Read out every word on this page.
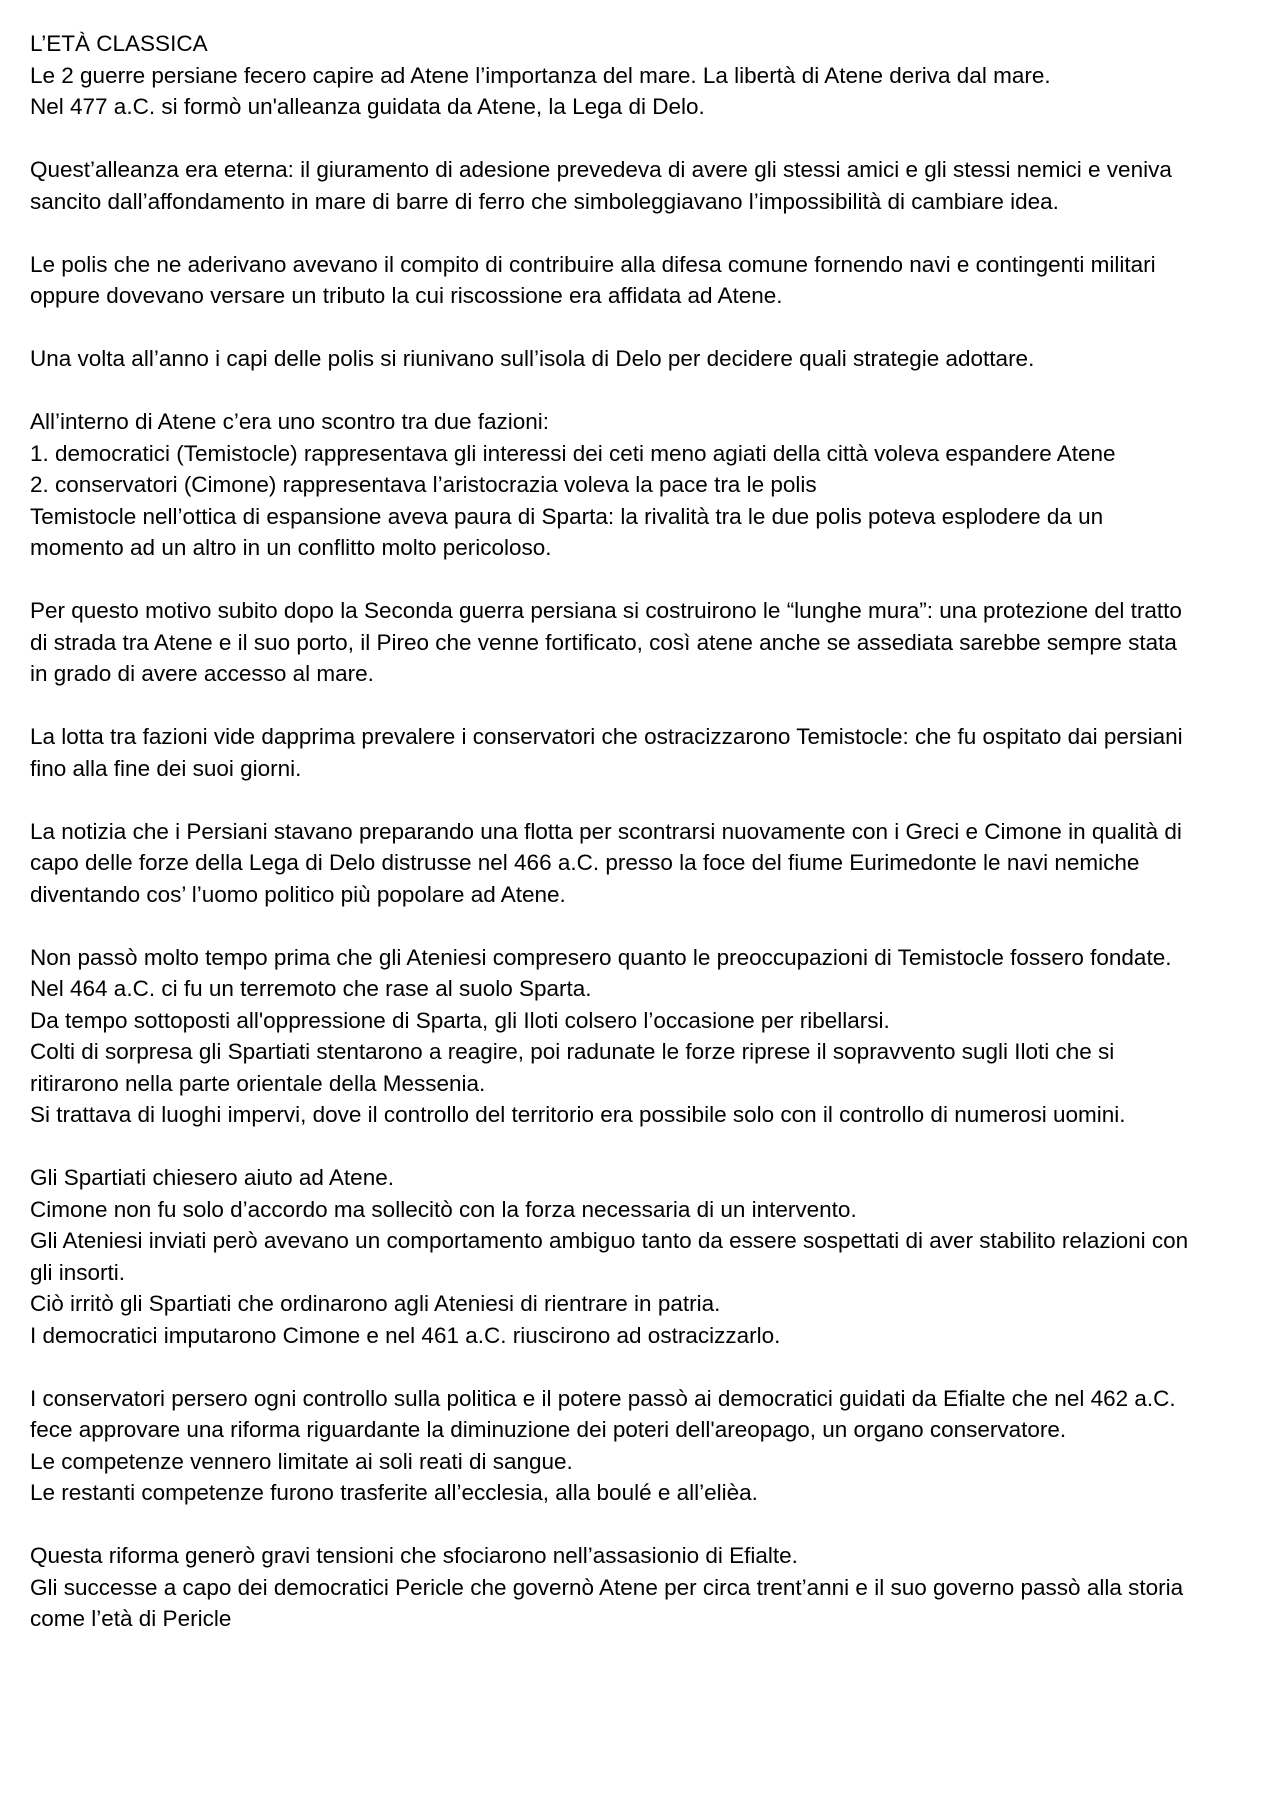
L’ETÀ CLASSICA

Le 2 guerre persiane fecero capire ad Atene l’importanza del mare. La libertà di Atene deriva dal mare.
Nel 477 a.C. si formò un'alleanza guidata da Atene, la Lega di Delo.
Quest’alleanza era eterna: il giuramento di adesione prevedeva di avere gli stessi amici e gli stessi nemici e veniva
sancito dall’affondamento in mare di barre di ferro che simboleggiavano l’impossibilità di cambiare idea.
Le polis che ne aderivano avevano il compito di contribuire alla difesa comune fornendo navi e contingenti militari
oppure dovevano versare un tributo la cui riscossione era affidata ad Atene.
Una volta all’anno i capi delle polis si riunivano sull’isola di Delo per decidere quali strategie adottare.
All’interno di Atene c’era uno scontro tra due fazioni:
1. democratici (Temistocle) rappresentava gli interessi dei ceti meno agiati della città voleva espandere Atene
2. conservatori (Cimone) rappresentava l’aristocrazia voleva la pace tra le polis
Temistocle nell’ottica di espansione aveva paura di Sparta: la rivalità tra le due polis poteva esplodere da un
momento ad un altro in un conflitto molto pericoloso.
Per questo motivo subito dopo la Seconda guerra persiana si costruirono le “lunghe mura”: una protezione del tratto
di strada tra Atene e il suo porto, il Pireo che venne fortificato, così atene anche se assediata sarebbe sempre stata
in grado di avere accesso al mare.
La lotta tra fazioni vide dapprima prevalere i conservatori che ostracizzarono Temistocle: che fu ospitato dai persiani
fino alla fine dei suoi giorni.
La notizia che i Persiani stavano preparando una flotta per scontrarsi nuovamente con i Greci e Cimone in qualità di
capo delle forze della Lega di Delo distrusse nel 466 a.C. presso la foce del fiume Eurimedonte le navi nemiche
diventando cos’ l’uomo politico più popolare ad Atene.
Non passò molto tempo prima che gli Ateniesi compresero quanto le preoccupazioni di Temistocle fossero fondate.
Nel 464 a.C. ci fu un terremoto che rase al suolo Sparta.
Da tempo sottoposti all'oppressione di Sparta, gli Iloti colsero l’occasione per ribellarsi.
Colti di sorpresa gli Spartiati stentarono a reagire, poi radunate le forze riprese il sopravvento sugli Iloti che si
ritirarono nella parte orientale della Messenia.
Si trattava di luoghi impervi, dove il controllo del territorio era possibile solo con il controllo di numerosi uomini.
Gli Spartiati chiesero aiuto ad Atene.
Cimone non fu solo d’accordo ma sollecitò con la forza necessaria di un intervento.
Gli Ateniesi inviati però avevano un comportamento ambiguo tanto da essere sospettati di aver stabilito relazioni con
gli insorti.
Ciò irritò gli Spartiati che ordinarono agli Ateniesi di rientrare in patria.
I democratici imputarono Cimone e nel 461 a.C. riuscirono ad ostracizzarlo.
I conservatori persero ogni controllo sulla politica e il potere passò ai democratici guidati da Efialte che nel 462 a.C.
fece approvare una riforma riguardante la diminuzione dei poteri dell'areopago, un organo conservatore.
Le competenze vennero limitate ai soli reati di sangue.
Le restanti competenze furono trasferite all’ecclesia, alla boulé e all’elièa.
Questa riforma generò gravi tensioni che sfociarono nell’assasionio di Efialte.
Gli successe a capo dei democratici Pericle che governò Atene per circa trent’anni e il suo governo passò alla storia
come l’età di Pericle
